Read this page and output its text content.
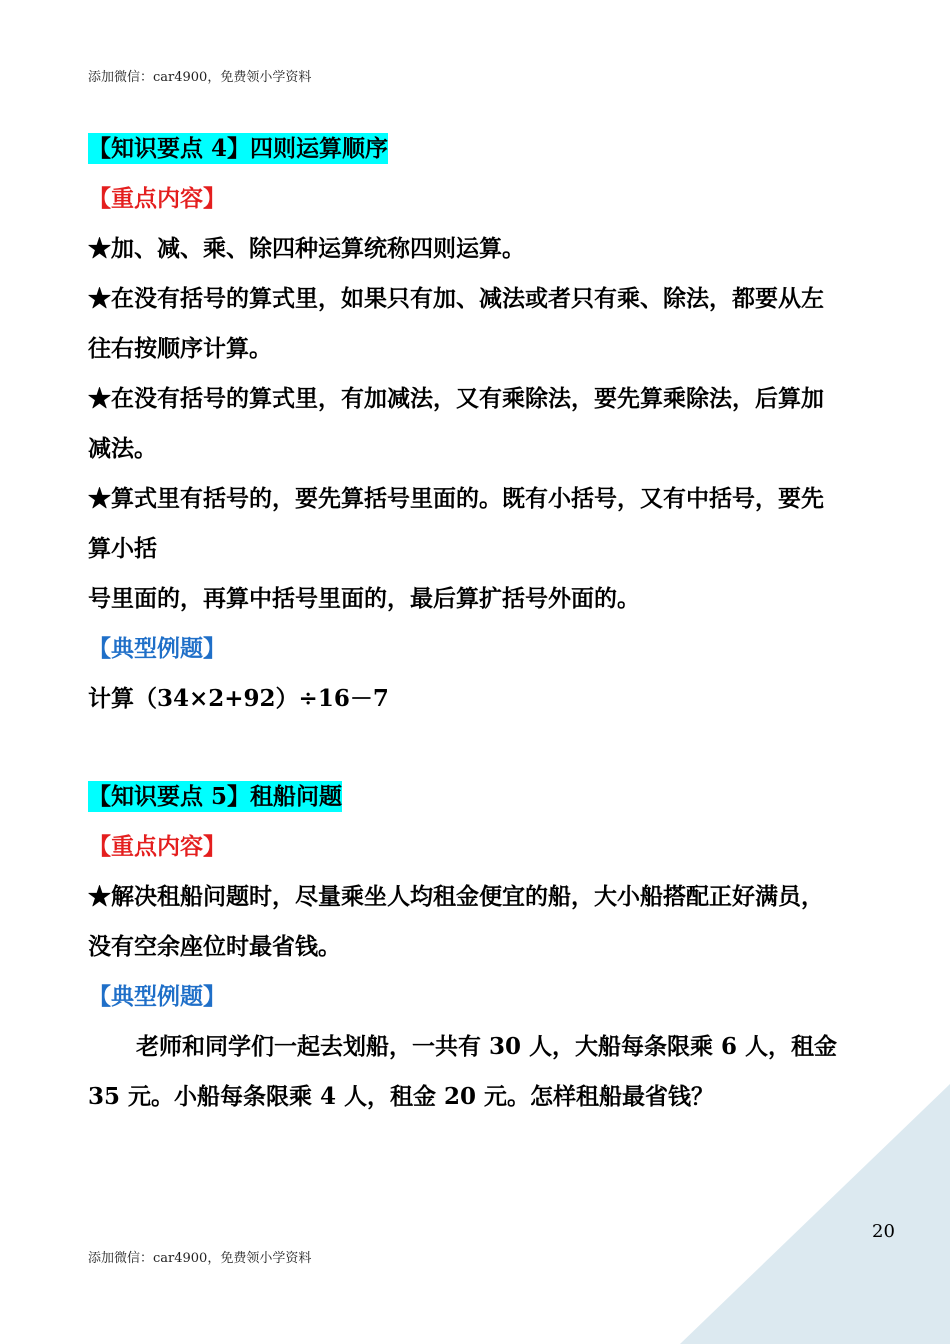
添加微信：car4900，免费领小学资料
【知识要点 4】四则运算顺序
【重点内容】
★加、减、乘、除四种运算统称四则运算。
★在没有括号的算式里，如果只有加、减法或者只有乘、除法，都要从左
往右按顺序计算。
★在没有括号的算式里，有加减法，又有乘除法，要先算乘除法，后算加
减法。
★算式里有括号的，要先算括号里面的。既有小括号，又有中括号，要先
算小括
号里面的，再算中括号里面的，最后算扩括号外面的。
【典型例题】
计算（34×2+92）÷16－7
【知识要点 5】租船问题
【重点内容】
★解决租船问题时，尽量乘坐人均租金便宜的船，大小船搭配正好满员，
没有空余座位时最省钱。
【典型例题】
老师和同学们一起去划船，一共有 30 人，大船每条限乘 6 人，租金
35 元。小船每条限乘 4 人，租金 20 元。怎样租船最省钱？
20
添加微信：car4900，免费领小学资料
